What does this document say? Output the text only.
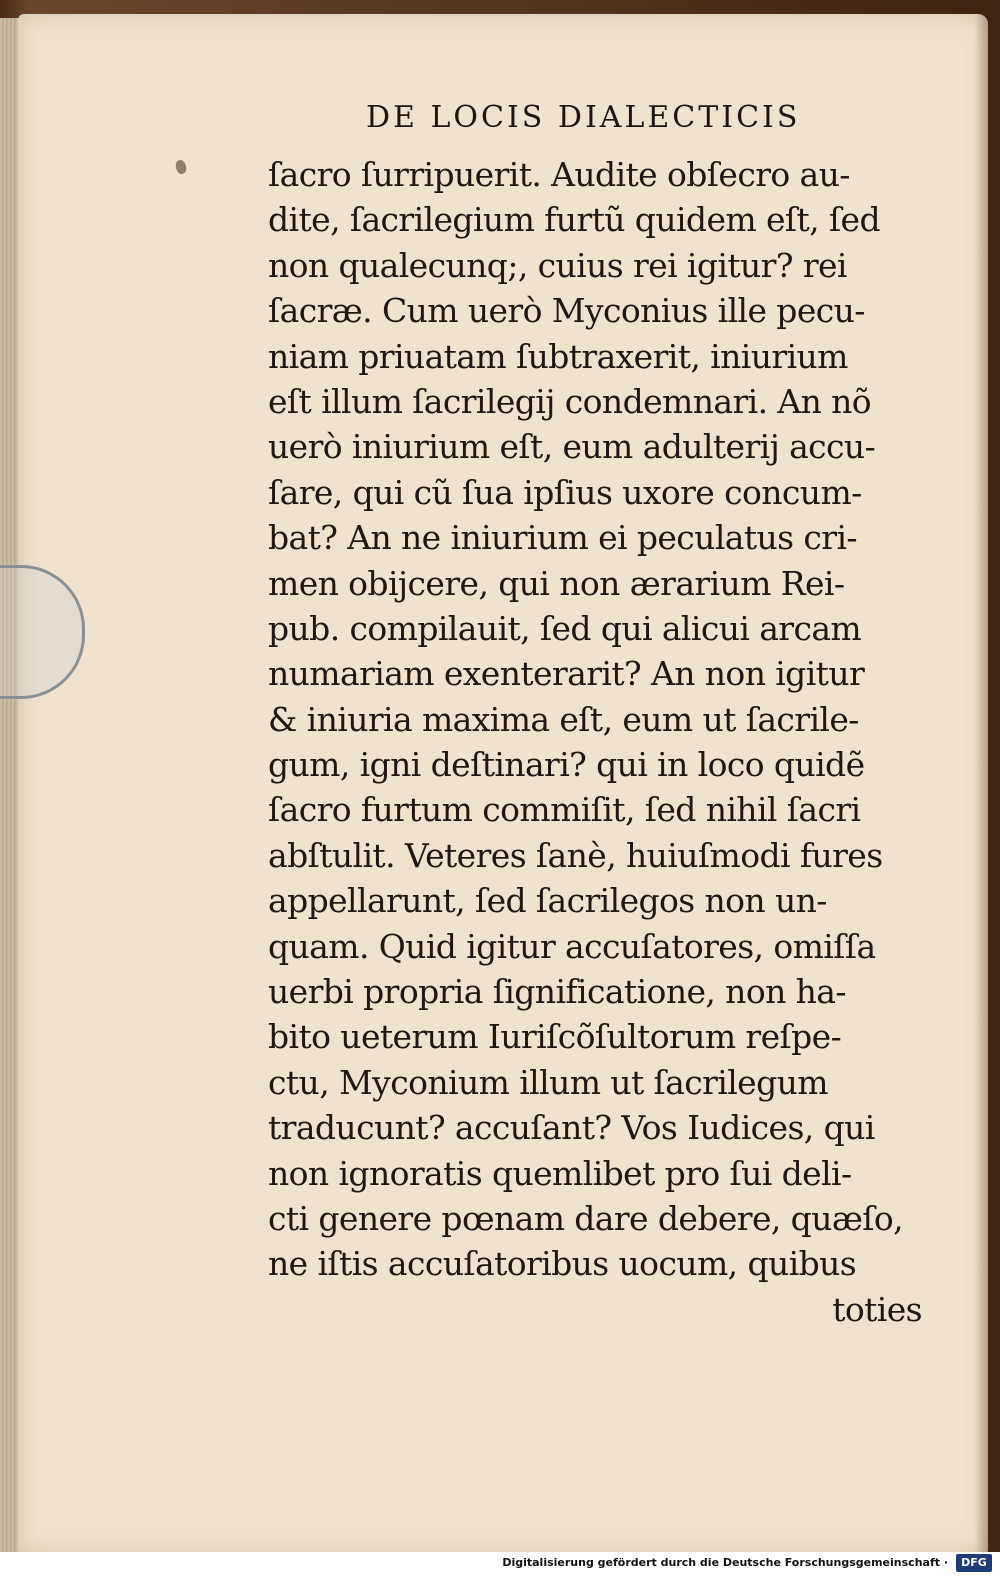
DE LOCIS DIALECTICIS
ſacro ſurripuerit. Audite obſecro au-
dite, ſacrilegium furtũ quidem eſt, ſed
non qualecunq;, cuius rei igitur? rei
ſacræ. Cum uerò Myconius ille pecu-
niam priuatam ſubtraxerit, iniurium
eſt illum ſacrilegij condemnari. An nõ
uerò iniurium eſt, eum adulterij accu-
ſare, qui cũ ſua ipſius uxore concum-
bat? An ne iniurium ei peculatus cri-
men obijcere, qui non ærarium Rei-
pub. compilauit, ſed qui alicui arcam
numariam exenterarit? An non igitur
& iniuria maxima eſt, eum ut ſacrile-
gum, igni deſtinari? qui in loco quidẽ
ſacro furtum commiſit, ſed nihil ſacri
abſtulit. Veteres ſanè, huiuſmodi fures
appellarunt, ſed ſacrilegos non un-
quam. Quid igitur accuſatores, omiſſa
uerbi propria ſignificatione, non ha-
bito ueterum Iuriſcõſultorum reſpe-
ctu, Myconium illum ut ſacrilegum
traducunt? accuſant? Vos Iudices, qui
non ignoratis quemlibet pro ſui deli-
cti genere pœnam dare debere, quæſo,
ne iſtis accuſatoribus uocum, quibus
toties
Digitalisierung gefördert durch die Deutsche Forschungsgemeinschaft ·	DFG
